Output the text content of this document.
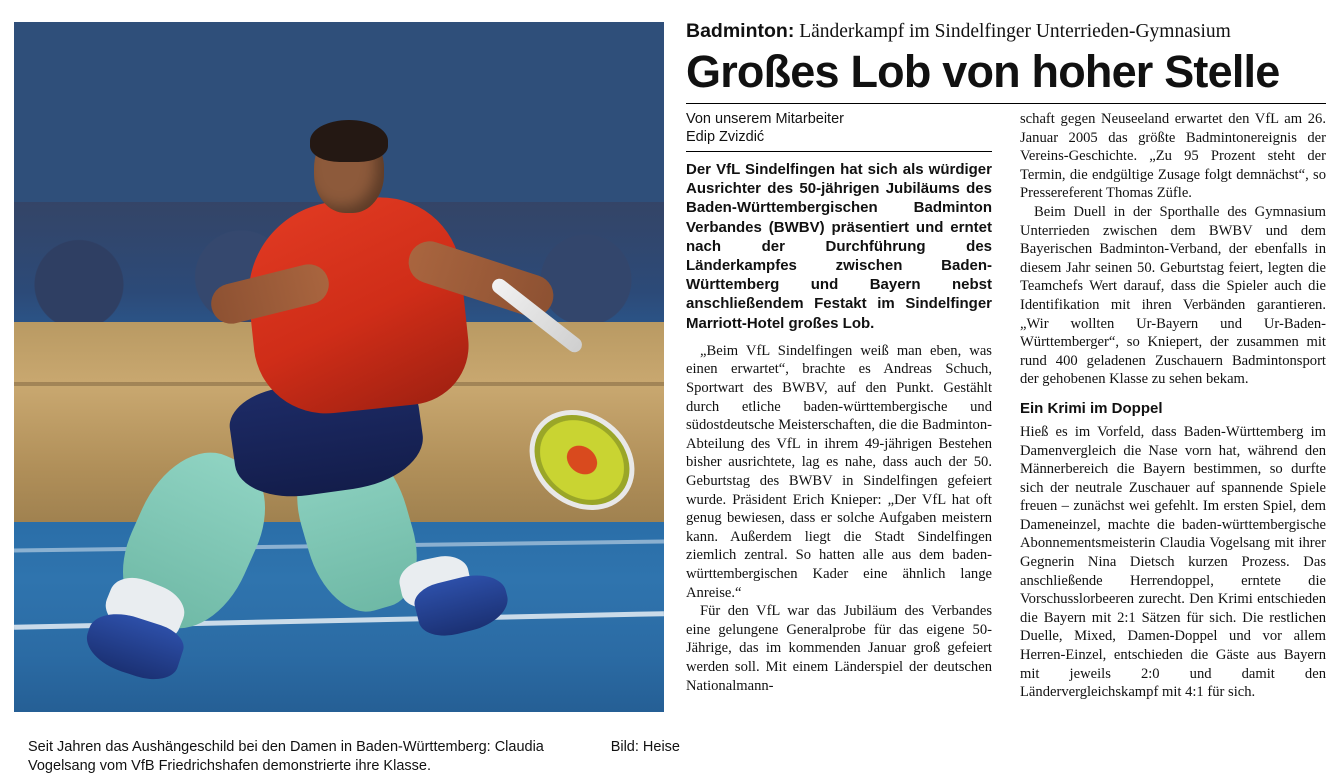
Bild: Heise
Seit Jahren das Aushängeschild bei den Damen in Baden-Württemberg: Claudia Vogelsang vom VfB Friedrichshafen demonstrierte ihre Klasse.
Badminton: Länderkampf im Sindelfinger Unterrieden-Gymnasium
Großes Lob von hoher Stelle
Von unserem Mitarbeiter
Edip Zvizdić
Der VfL Sindelfingen hat sich als würdiger Ausrichter des 50-jährigen Jubiläums des Baden-Württembergischen Badminton Verbandes (BWBV) präsentiert und erntet nach der Durchführung des Länderkampfes zwischen Baden-Württemberg und Bayern nebst anschließendem Festakt im Sindelfinger Marriott-Hotel großes Lob.

„Beim VfL Sindelfingen weiß man eben, was einen erwartet“, brachte es Andreas Schuch, Sportwart des BWBV, auf den Punkt. Gestählt durch etliche baden-württembergische und südostdeutsche Meisterschaften, die die Badminton-Abteilung des VfL in ihrem 49-jährigen Bestehen bisher ausrichtete, lag es nahe, dass auch der 50. Geburtstag des BWBV in Sindelfingen gefeiert wurde. Präsident Erich Knieper: „Der VfL hat oft genug bewiesen, dass er solche Aufgaben meistern kann. Außerdem liegt die Stadt Sindelfingen ziemlich zentral. So hatten alle aus dem baden-württembergischen Kader eine ähnlich lange Anreise.“

Für den VfL war das Jubiläum des Verbandes eine gelungene Generalprobe für das eigene 50-Jährige, das im kommenden Januar groß gefeiert werden soll. Mit einem Länderspiel der deutschen Nationalmann-

schaft gegen Neuseeland erwartet den VfL am 26. Januar 2005 das größte Badmintonereignis der Vereins-Geschichte. „Zu 95 Prozent steht der Termin, die endgültige Zusage folgt demnächst“, so Pressereferent Thomas Züfle.

Beim Duell in der Sporthalle des Gymnasium Unterrieden zwischen dem BWBV und dem Bayerischen Badminton-Verband, der ebenfalls in diesem Jahr seinen 50. Geburtstag feiert, legten die Teamchefs Wert darauf, dass die Spieler auch die Identifikation mit ihren Verbänden garantieren. „Wir wollten Ur-Bayern und Ur-Baden-Württemberger“, so Kniepert, der zusammen mit rund 400 geladenen Zuschauern Badmintonsport der gehobenen Klasse zu sehen bekam.

Ein Krimi im Doppel

Hieß es im Vorfeld, dass Baden-Württemberg im Damenvergleich die Nase vorn hat, während den Männerbereich die Bayern bestimmen, so durfte sich der neutrale Zuschauer auf spannende Spiele freuen – zunächst wei gefehlt. Im ersten Spiel, dem Dameneinzel, machte die baden-württembergische Abonnementsmeisterin Claudia Vogelsang mit ihrer Gegnerin Nina Dietsch kurzen Prozess. Das anschließende Herrendoppel, erntete die Vorschusslorbeeren zurecht. Den Krimi entschieden die Bayern mit 2:1 Sätzen für sich. Die restlichen Duelle, Mixed, Damen-Doppel und vor allem Herren-Einzel, entschieden die Gäste aus Bayern mit jeweils 2:0 und damit den Ländervergleichskampf mit 4:1 für sich.
